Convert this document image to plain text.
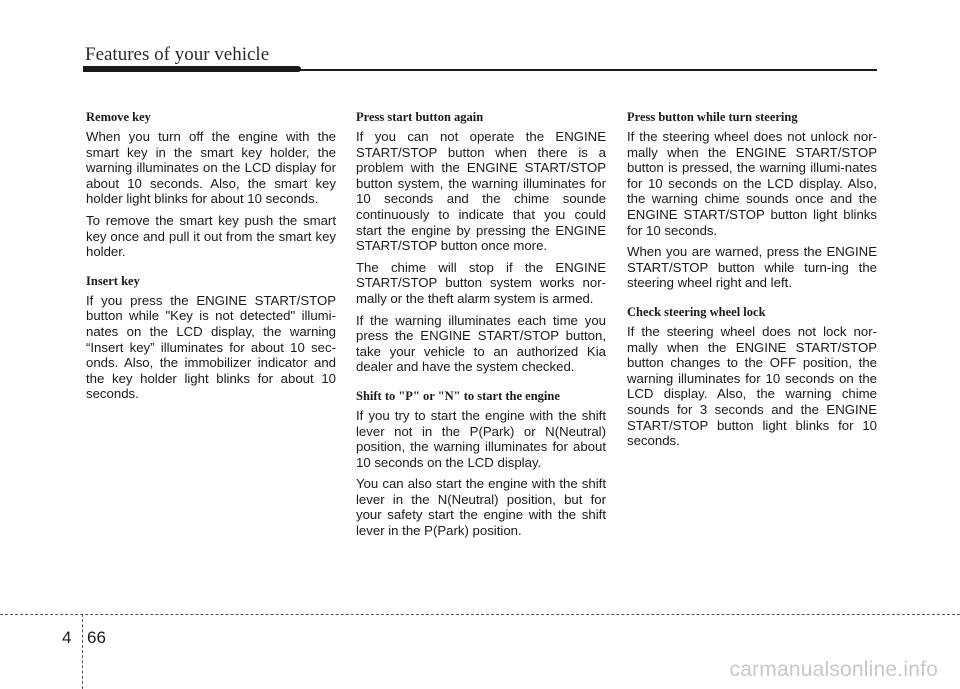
Features of your vehicle
Remove key

When you turn off the engine with the smart key in the smart key holder, the warning illuminates on the LCD display for about 10 seconds. Also, the smart key holder light blinks for about 10 seconds.

To remove the smart key push the smart key once and pull it out from the smart key holder.

Insert key

If you press the ENGINE START/STOP button while "Key is not detected" illumi-nates on the LCD display, the warning “Insert key” illuminates for about 10 sec-onds. Also, the immobilizer indicator and the key holder light blinks for about 10 seconds.

Press start button again

If you can not operate the ENGINE START/STOP button when there is a problem with the ENGINE START/STOP button system, the warning illuminates for 10 seconds and the chime sounde continuously to indicate that you could start the engine by pressing the ENGINE START/STOP button once more.

The chime will stop if the ENGINE START/STOP button system works nor-mally or the theft alarm system is armed.

If the warning illuminates each time you press the ENGINE START/STOP button, take your vehicle to an authorized Kia dealer and have the system checked.

Shift to "P" or "N" to start the engine

If you try to start the engine with the shift lever not in the P(Park) or N(Neutral) position, the warning illuminates for about 10 seconds on the LCD display.

You can also start the engine with the shift lever in the N(Neutral) position, but for your safety start the engine with the shift lever in the P(Park) position.

Press button while turn steering

If the steering wheel does not unlock nor-mally when the ENGINE START/STOP button is pressed, the warning illumi-nates for 10 seconds on the LCD display. Also, the warning chime sounds once and the ENGINE START/STOP button light blinks for 10 seconds.

When you are warned, press the ENGINE START/STOP button while turn-ing the steering wheel right and left.

Check steering wheel lock

If the steering wheel does not lock nor-mally when the ENGINE START/STOP button changes to the OFF position, the warning illuminates for 10 seconds on the LCD display. Also, the warning chime sounds for 3 seconds and the ENGINE START/STOP button light blinks for 10 seconds.

4 66
carmanualsonline.info
